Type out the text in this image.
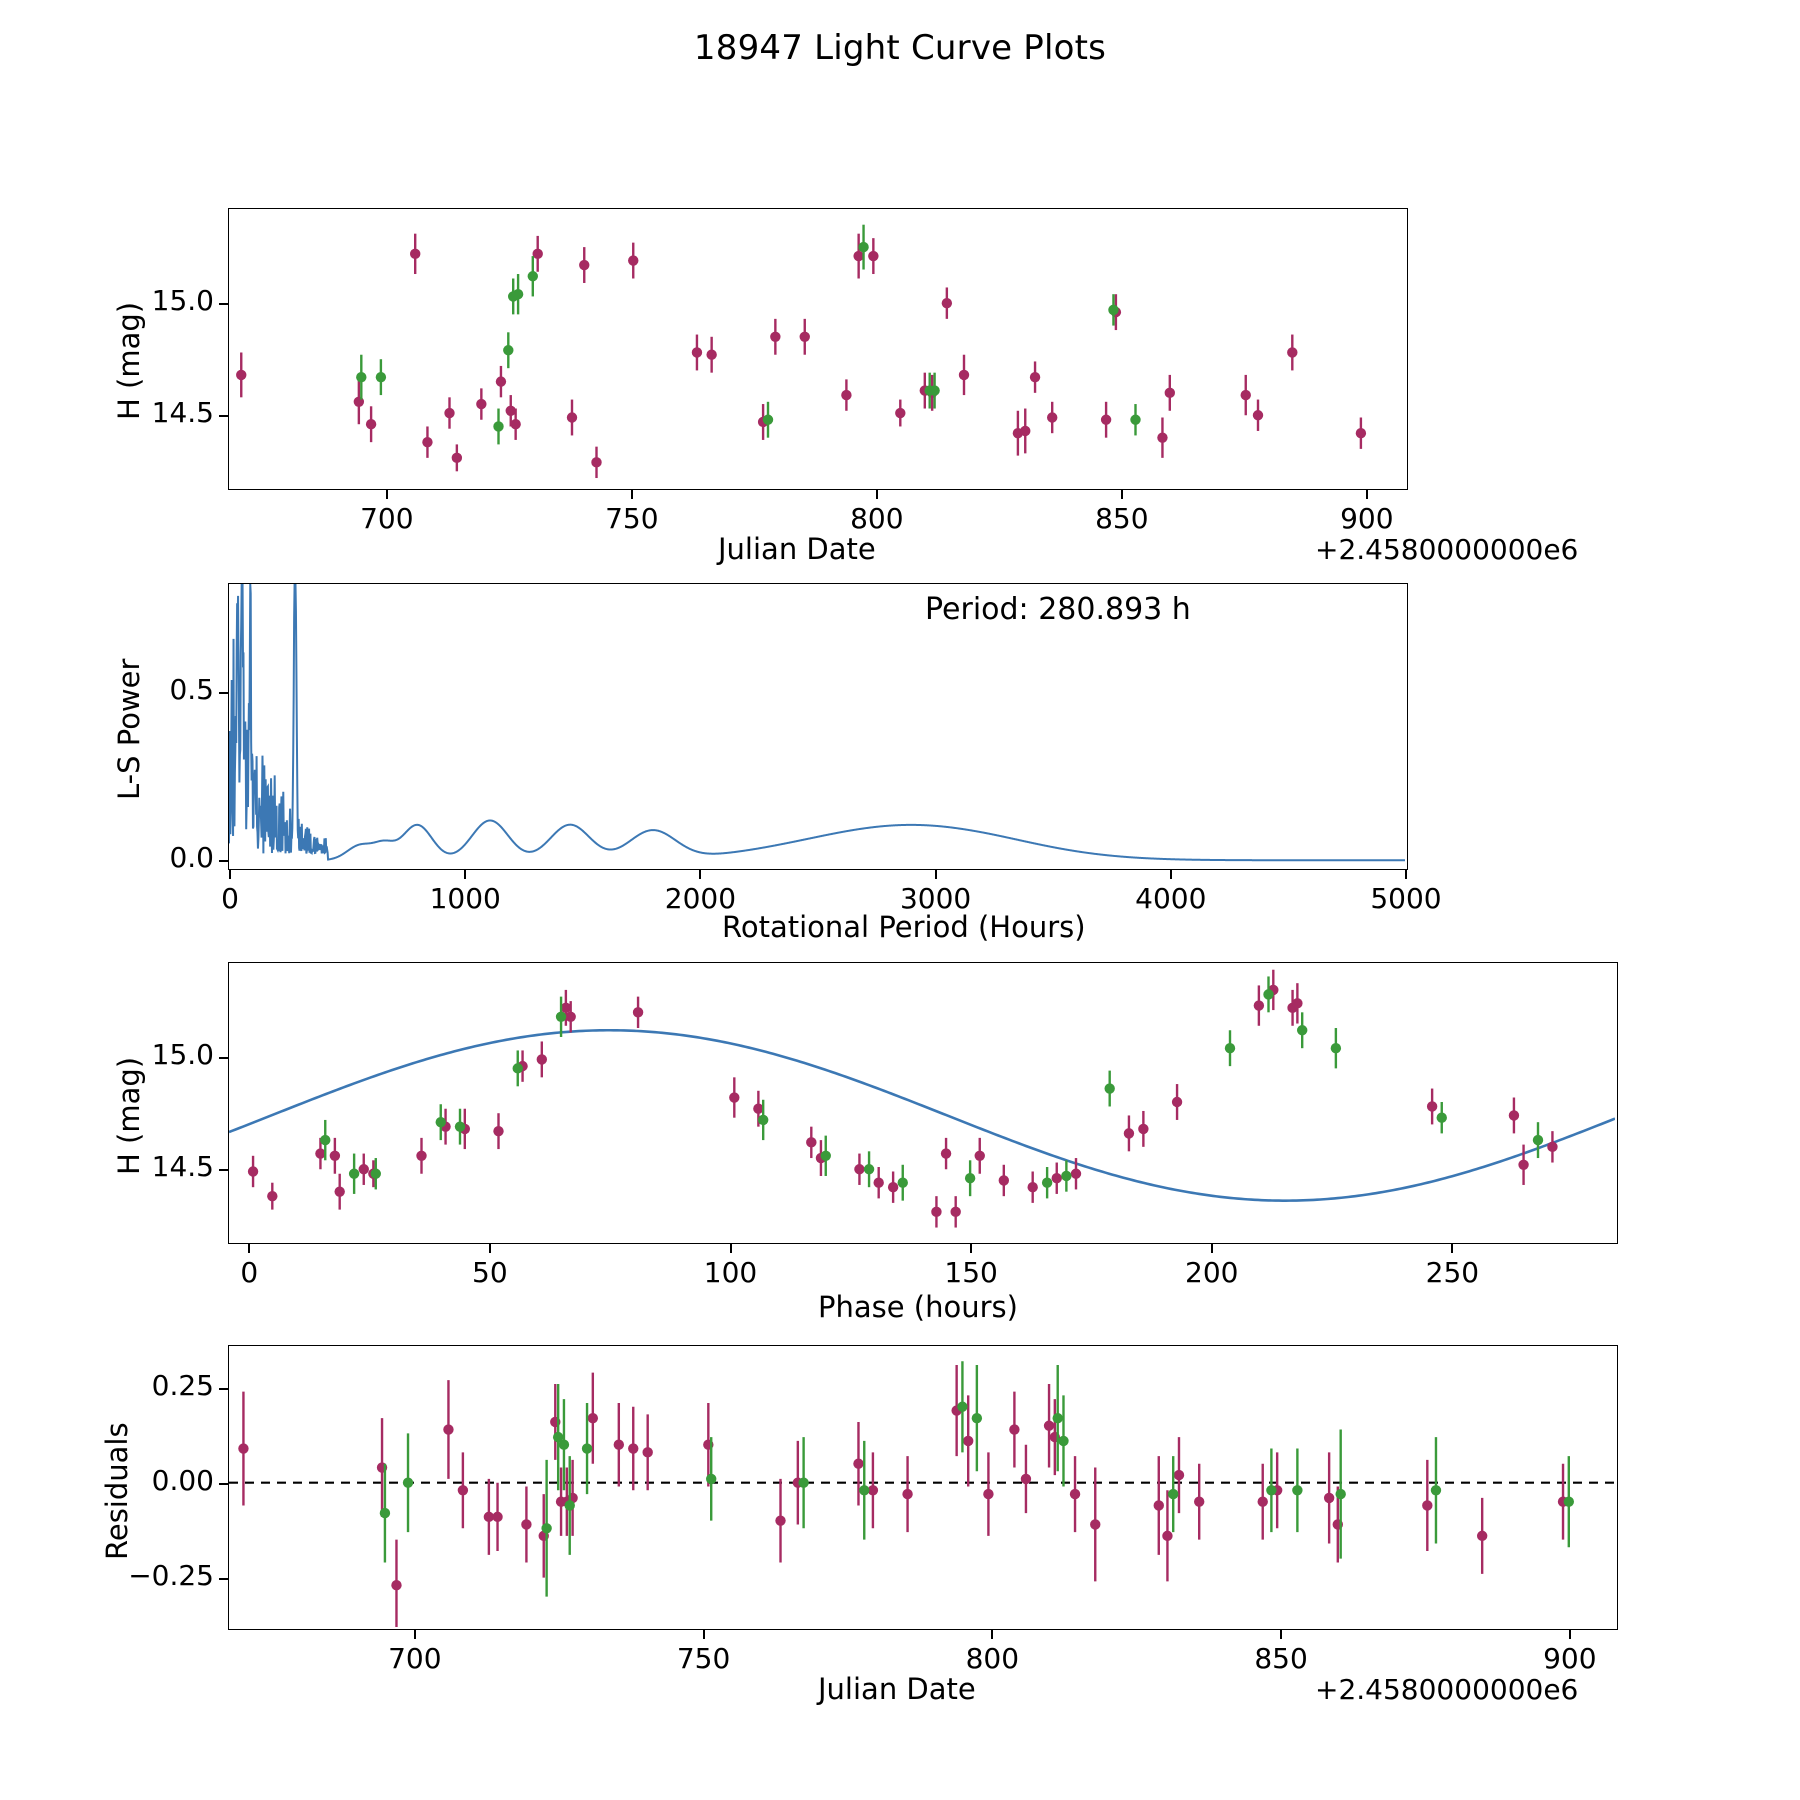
18947 Light Curve Plots
H (mag)
Julian Date	+2.4580000000e6
L-S Power
Rotational Period (Hours)
Period: 280.893 h
H (mag)
Phase (hours)
Residuals
Julian Date	+2.4580000000e6
700	750	800	850	900
14.5
15.0
0	1000	2000	3000	4000	5000
0.0
0.5
0	50	100	150	200	250
14.5
15.0
700	750	800	850	900
−0.25
0.00
0.25
